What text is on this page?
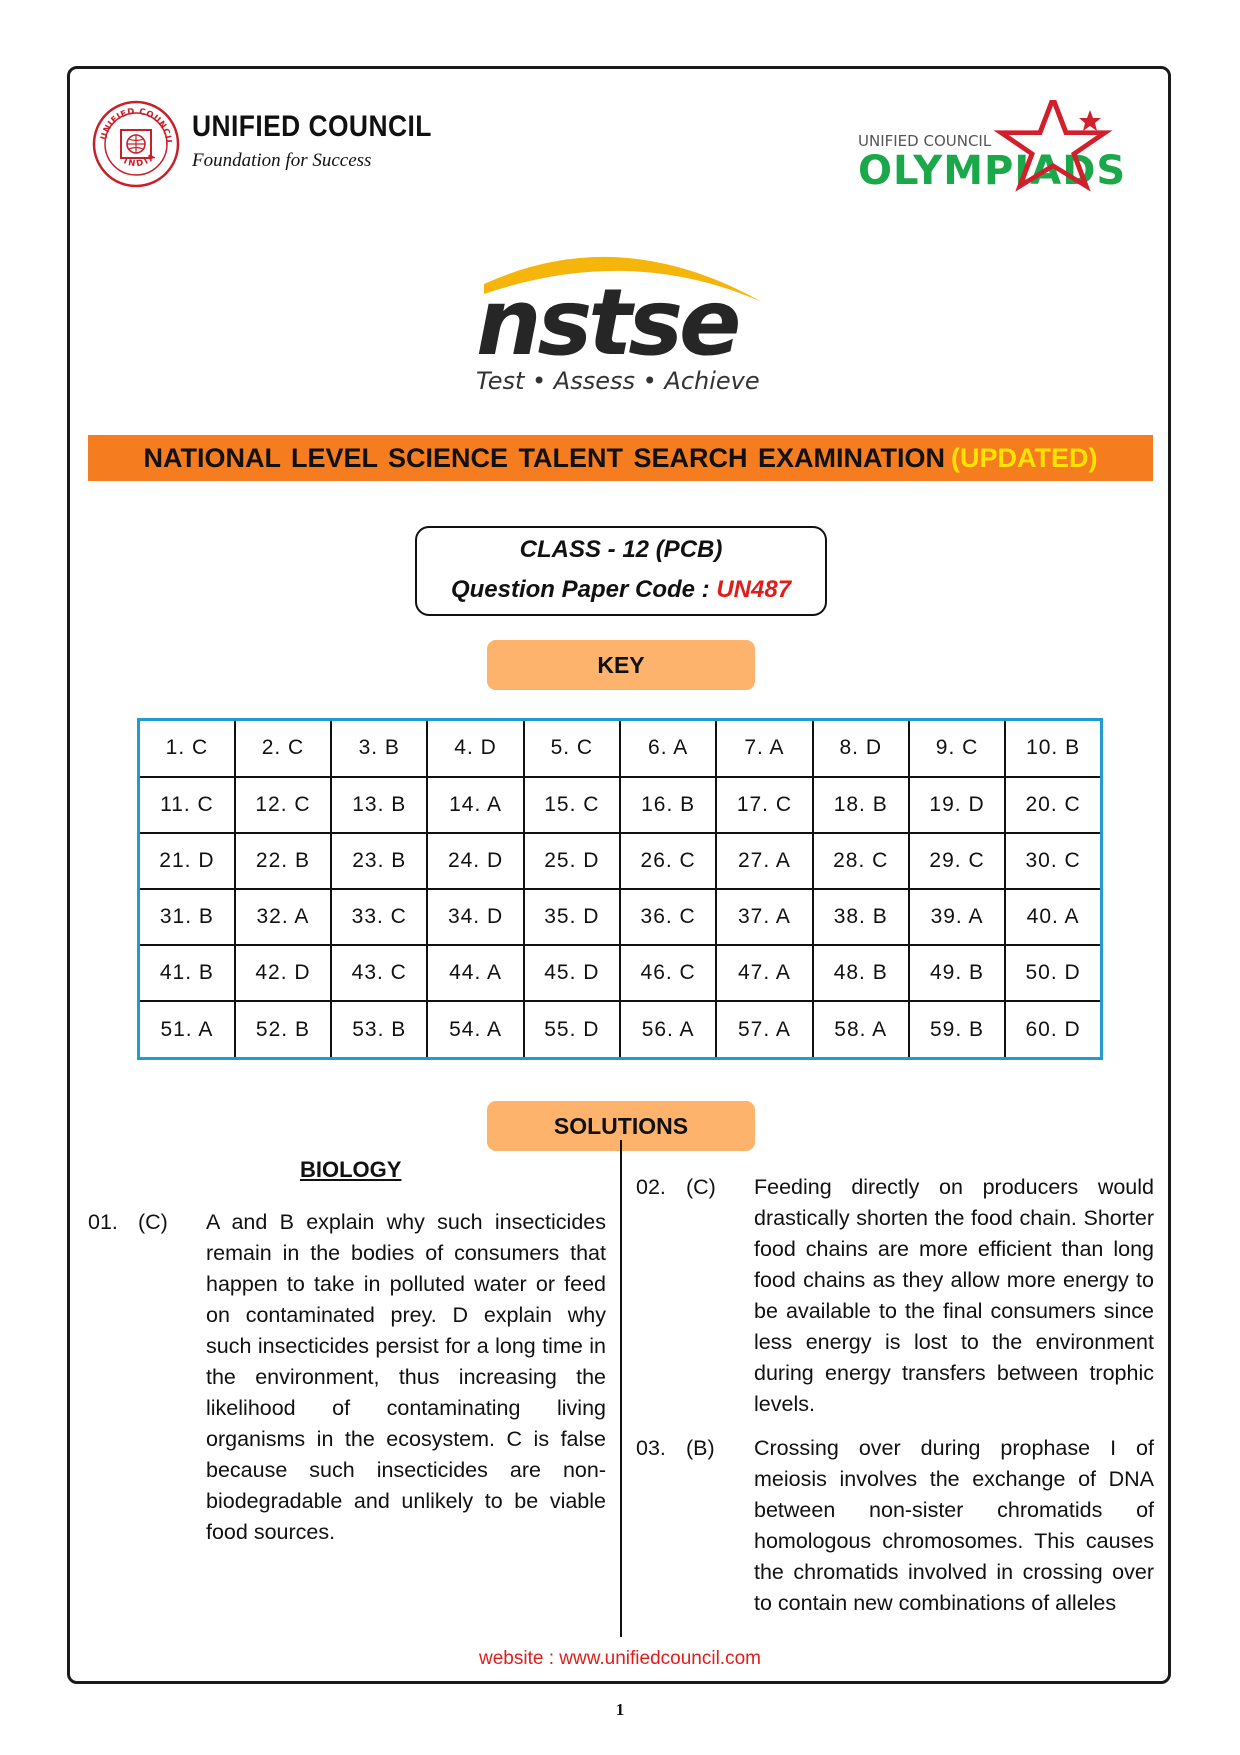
UNIFIED COUNCIL
INDIA
UNIFIED COUNCIL
Foundation for Success
UNIFIED COUNCIL
OLYMPIADS
nstse
Test • Assess • Achieve
NATIONAL LEVEL SCIENCE TALENT SEARCH EXAMINATION (UPDATED)
CLASS - 12 (PCB)
Question Paper Code : UN487
KEY
1. C	2. C	3. B	4. D	5. C	6. A	7. A	8. D	9. C	10. B
11. C	12. C	13. B	14. A	15. C	16. B	17. C	18. B	19. D	20. C
21. D	22. B	23. B	24. D	25. D	26. C	27. A	28. C	29. C	30. C
31. B	32. A	33. C	34. D	35. D	36. C	37. A	38. B	39. A	40. A
41. B	42. D	43. C	44. A	45. D	46. C	47. A	48. B	49. B	50. D
51. A	52. B	53. B	54. A	55. D	56. A	57. A	58. A	59. B	60. D
SOLUTIONS
BIOLOGY
01. (C) A and B explain why such insecticides remain in the bodies of consumers that happen to take in polluted water or feed on contaminated prey. D explain why such insecticides persist for a long time in the environment, thus increasing the likelihood of contaminating living organisms in the ecosystem. C is false because such insecticides are non-biodegradable and unlikely to be viable food sources.
02. (C) Feeding directly on producers would drastically shorten the food chain. Shorter food chains are more efficient than long food chains as they allow more energy to be available to the final consumers since less energy is lost to the environment during energy transfers between trophic levels.
03. (B) Crossing over during prophase I of meiosis involves the exchange of DNA between non-sister chromatids of homologous chromosomes. This causes the chromatids involved in crossing over to contain new combinations of alleles
website : www.unifiedcouncil.com
1
